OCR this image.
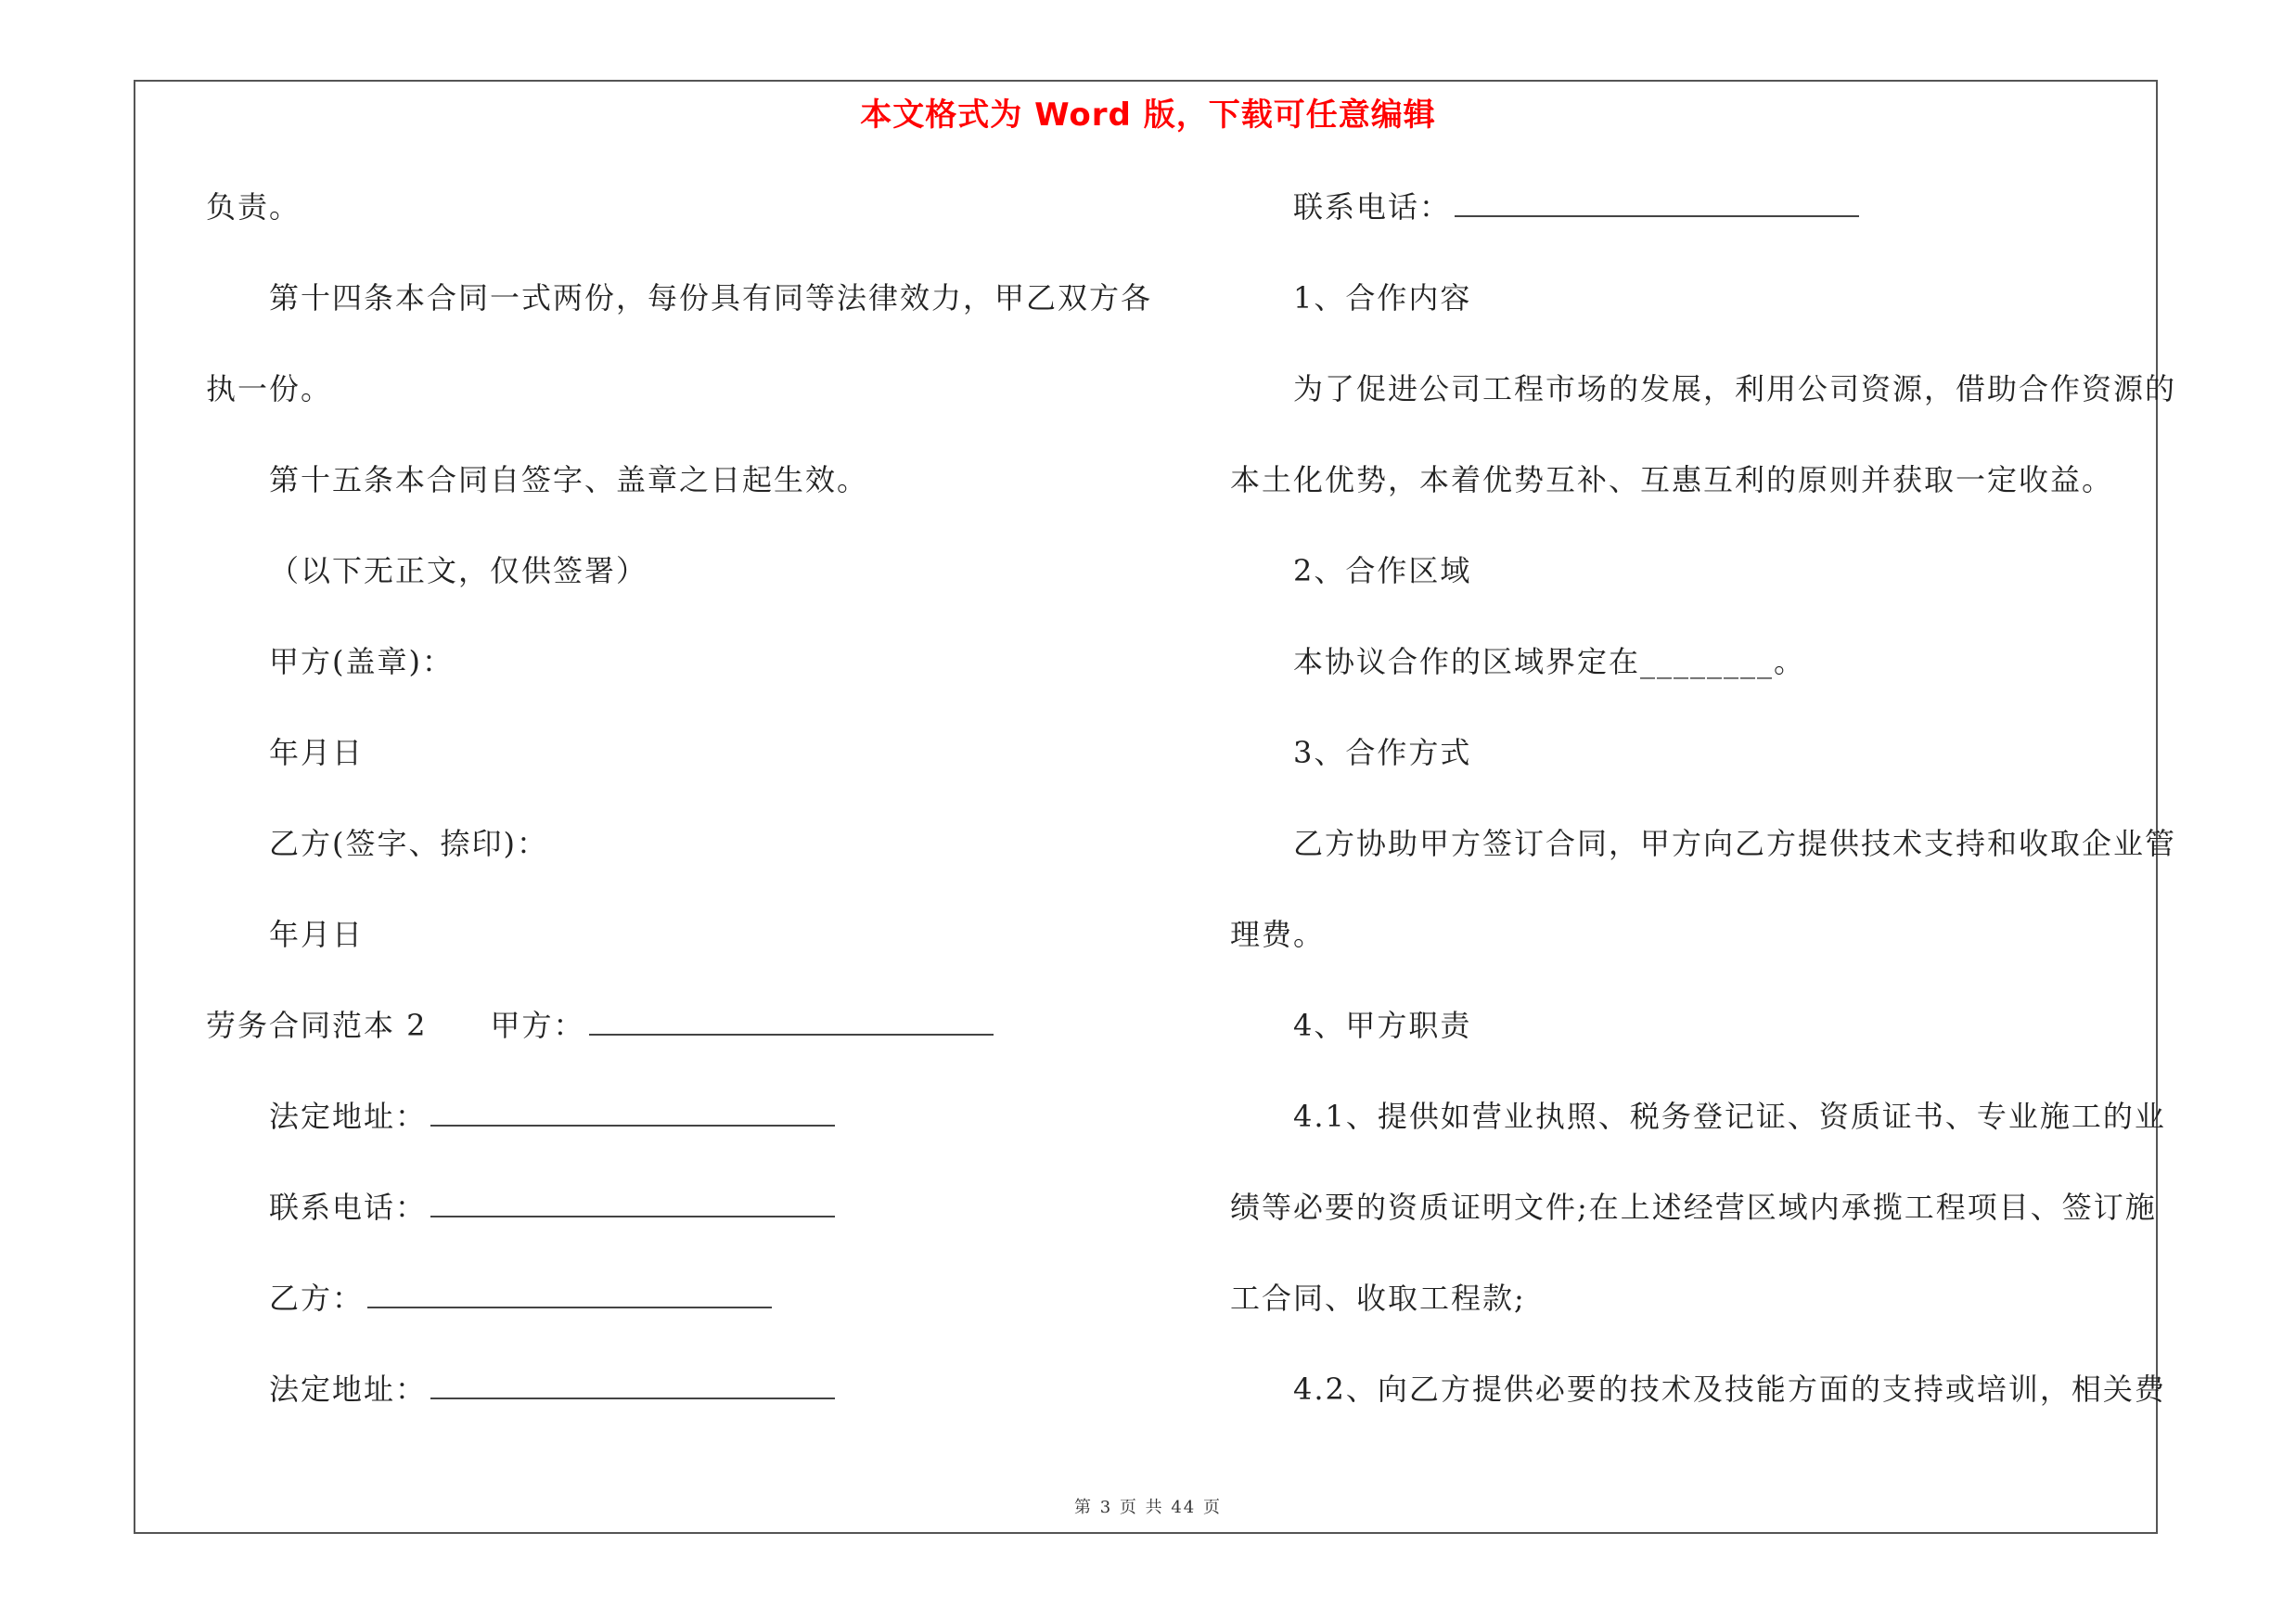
本文格式为 Word 版，下载可任意编辑
负责。
第十四条本合同一式两份，每份具有同等法律效力，甲乙双方各
执一份。
第十五条本合同自签字、盖章之日起生效。
（以下无正文，仅供签署）
甲方(盖章)：
年月日
乙方(签字、捺印)：
年月日
劳务合同范本 2　　甲方：
法定地址：
联系电话：
乙方：
法定地址：
联系电话：
1、合作内容
为了促进公司工程市场的发展，利用公司资源，借助合作资源的
本土化优势，本着优势互补、互惠互利的原则并获取一定收益。
2、合作区域
本协议合作的区域界定在________。
3、合作方式
乙方协助甲方签订合同，甲方向乙方提供技术支持和收取企业管
理费。
4、甲方职责
4.1、提供如营业执照、税务登记证、资质证书、专业施工的业
绩等必要的资质证明文件;在上述经营区域内承揽工程项目、签订施
工合同、收取工程款;
4.2、向乙方提供必要的技术及技能方面的支持或培训，相关费
第 3 页 共 44 页
